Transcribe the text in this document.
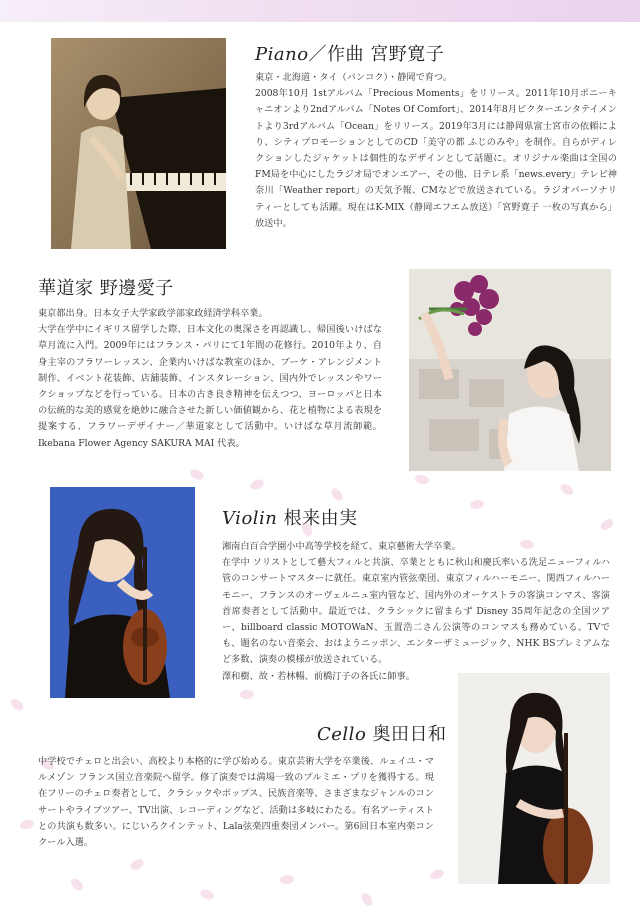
Piano／作曲 宮野寛子

東京・北海道・タイ（バンコク）・静岡で育つ。

2008年10月 1stアルバム「Precious Moments」をリリース。2011年10月ポニーキャニオンより2ndアルバム「Notes Of Comfort」、2014年8月ビクターエンタテイメントより3rdアルバム「Ocean」をリリース。2019年3月には静岡県富士宮市の依頼により、シティプロモーションとしてのCD「美守の都 ふじのみや」を制作。自らがディレクションしたジャケットは個性的なデザインとして話題に。オリジナル楽曲は全国のFM局を中心にしたラジオ局でオンエアー、その他、日テレ系「news.every」テレビ神奈川「Weather report」の天気予報、CMなどで放送されている。ラジオパーソナリティーとしても活躍。現在はK-MIX（静岡エフエム放送）「宮野寛子 一枚の写真から」放送中。

華道家 野邊愛子

東京都出身。日本女子大学家政学部家政経済学科卒業。

大学在学中にイギリス留学した際、日本文化の奥深さを再認識し、帰国後いけばな草月流に入門。2009年にはフランス・パリにて1年間の花修行。2010年より、自身主宰のフラワーレッスン、企業内いけばな教室のほか、ブーケ・アレンジメント制作、イベント花装飾、店舗装飾、インスタレーション、国内外でレッスンやワークショップなどを行っている。日本の古き良き精神を伝えつつ、ヨーロッパと日本の伝統的な美的感覚を絶妙に融合させた新しい価値観から、花と植物による表現を提案する、フラワーデザイナー／華道家として活動中。いけばな草月流師範。Ikebana Flower Agency SAKURA MAI 代表。

Violin 根来由実

湘南白百合学園小中高等学校を経て、東京藝術大学卒業。

在学中 ソリストとして藝大フィルと共演、卒業とともに秋山和慶氏率いる洗足ニューフィルハ管のコンサートマスターに就任。東京室内管弦楽団、東京フィルハーモニー、関西フィルハーモニー、フランスのオーヴェルニュ室内管など、国内外のオーケストラの客演コンマス、客演首席奏者として活動中。最近では、クラシックに留まらず Disney 35周年記念の全国ツアー、billboard classic MOTOWaN、玉置浩二さん公演等のコンマスも務めている。TVでも、題名のない音楽会、おはようニッポン、エンターザミュージック、NHK BSプレミアムなど多数、演奏の模様が放送されている。

澤和樹、故・若林暢、前橋汀子の各氏に師事。

Cello 奥田日和

中学校でチェロと出会い、高校より本格的に学び始める。東京芸術大学を卒業後、ルェイユ・マルメゾン フランス国立音楽院へ留学。修了演奏では満場一致のプルミエ・プリを獲得する。現在フリーのチェロ奏者として、クラシックやポップス、民族音楽等、さまざまなジャンルのコンサートやライブツアー、TV出演、レコーディングなど、活動は多岐にわたる。有名アーティストとの共演も数多い。にじいろクインテット、Lala弦楽四重奏団メンバー。第6回日本室内楽コンクール入選。
